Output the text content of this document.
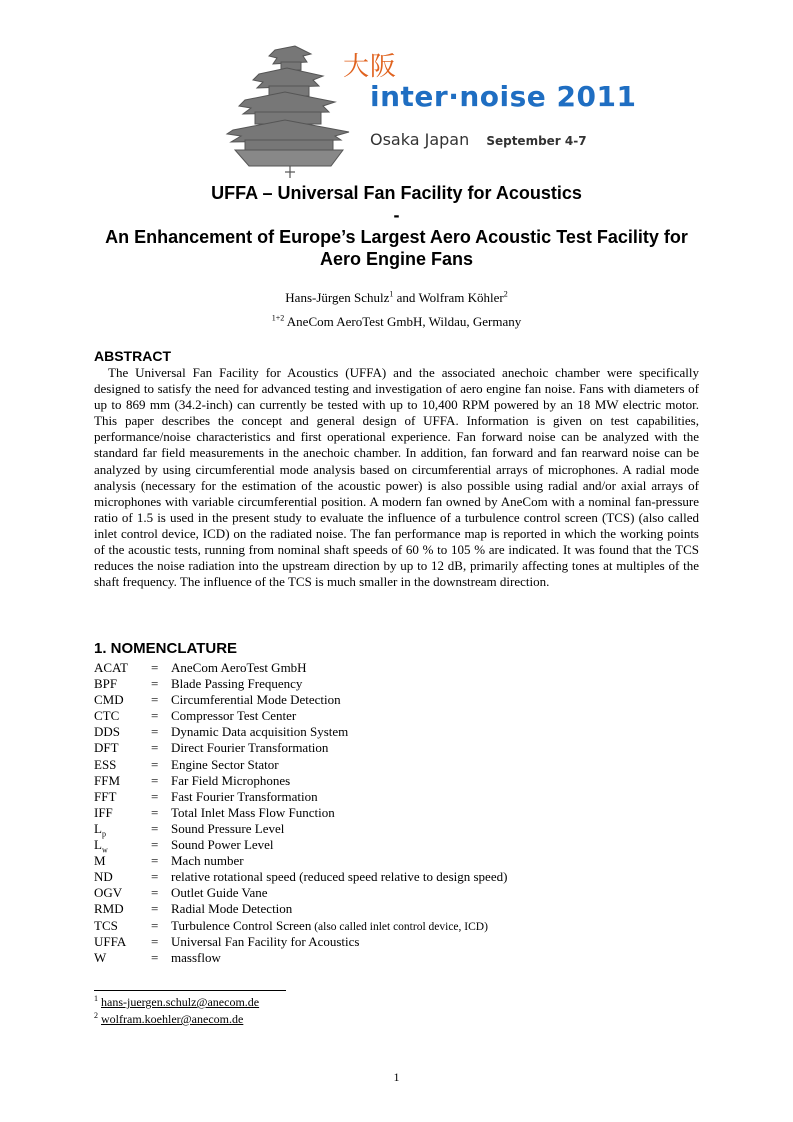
大阪
inter·noise 2011
Osaka Japan September 4-7
UFFA – Universal Fan Facility for Acoustics
-
An Enhancement of Europe’s Largest Aero Acoustic Test Facility for
Aero Engine Fans
Hans-Jürgen Schulz$^1$ and Wolfram Köhler$^2$
$^{1+2}$ AneCom AeroTest GmbH, Wildau, Germany
ABSTRACT

The Universal Fan Facility for Acoustics (UFFA) and the associated anechoic chamber were specifically designed to satisfy the need for advanced testing and investigation of aero engine fan noise. Fans with diameters of up to 869 mm (34.2-inch) can currently be tested with up to 10,400 RPM powered by an 18 MW electric motor. This paper describes the concept and general design of UFFA. Information is given on test capabilities, performance/noise characteristics and first operational experience. Fan forward noise can be analyzed with the standard far field measurements in the anechoic chamber. In addition, fan forward and fan rearward noise can be analyzed by using circumferential mode analysis based on circumferential arrays of microphones. A radial mode analysis (necessary for the estimation of the acoustic power) is also possible using radial and/or axial arrays of microphones with variable circumferential position. A modern fan owned by AneCom with a nominal fan-pressure ratio of 1.5 is used in the present study to evaluate the influence of a turbulence control screen (TCS) (also called inlet control device, ICD) on the radiated noise. The fan performance map is reported in which the working points of the acoustic tests, running from nominal shaft speeds of 60 % to 105 % are indicated. It was found that the TCS reduces the noise radiation into the upstream direction by up to 12 dB, primarily affecting tones at multiples of the shaft frequency. The influence of the TCS is much smaller in the downstream direction.

1. NOMENCLATURE
ACAT = AneCom AeroTest GmbH
BPF	= Blade Passing Frequency
CMD = Circumferential Mode Detection
CTC = Compressor Test Center
DDS = Dynamic Data acquisition System
DFT = Direct Fourier Transformation
ESS	= Engine Sector Stator
FFM = Far Field Microphones
FFT	= Fast Fourier Transformation
IFF	= Total Inlet Mass Flow Function
$L_p$	= Sound Pressure Level
$L_w$	= Sound Power Level
M	= Mach number
ND	= relative rotational speed (reduced speed relative to design speed)
OGV = Outlet Guide Vane
RMD = Radial Mode Detection
TCS	= Turbulence Control Screen (also called inlet control device, ICD)
UFFA = Universal Fan Facility for Acoustics
W	= massflow
$^1$ hans-juergen.schulz@anecom.de
$^2$ wolfram.koehler@anecom.de
1
